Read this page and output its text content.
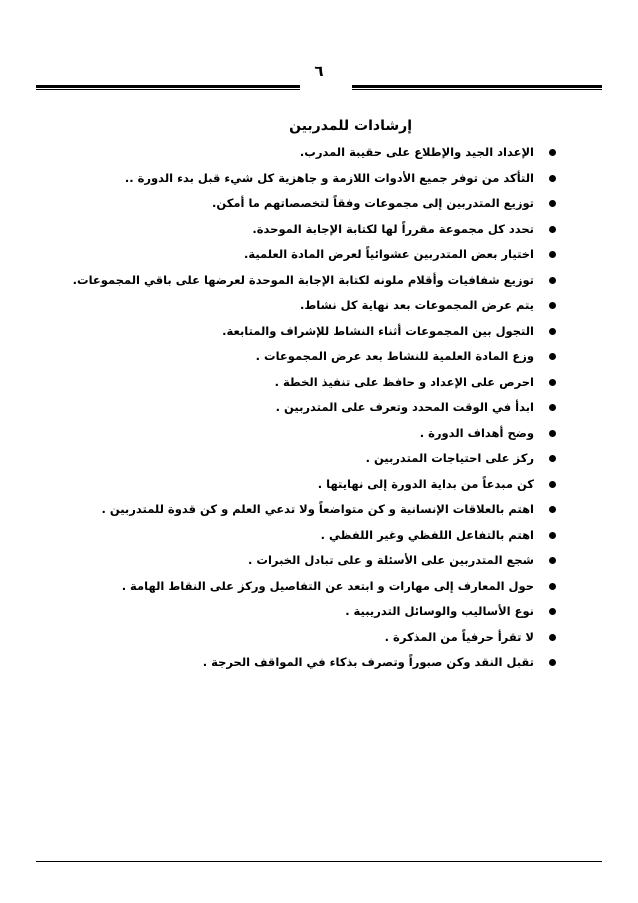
٦
إرشادات للمدربين
الإعداد الجيد والإطلاع على حقيبة المدرب.
التأكد من توفر جميع الأدوات اللازمة و جاهزية كل شيء قبل بدء الدورة ..
توزيع المتدربين إلى مجموعات وفقاً لتخصصاتهم ما أمكن.
تحدد كل مجموعة مقرراً لها لكتابة الإجابة الموحدة.
اختيار بعض المتدربين عشوائياً لعرض المادة العلمية.
توزيع شفافيات وأقلام ملونه لكتابة الإجابة الموحدة لعرضها على باقي المجموعات.
يتم عرض المجموعات بعد نهاية كل نشاط.
التجول بين المجموعات أثناء النشاط للإشراف والمتابعة.
وزع المادة العلمية للنشاط بعد عرض المجموعات .
احرص على الإعداد و حافظ على تنفيذ الخطة .
ابدأ في الوقت المحدد وتعرف على المتدربين .
وضح أهداف الدورة .
ركز على احتياجات المتدربين .
كن مبدعاً من بداية الدورة إلى نهايتها .
اهتم بالعلاقات الإنسانية و كن متواضعاً ولا تدعي العلم و كن قدوة للمتدربين .
اهتم بالتفاعل اللفظي وغير اللفظي .
شجع المتدربين على الأسئلة و على تبادل الخبرات .
حول المعارف إلى مهارات و ابتعد عن التفاصيل وركز على النقاط الهامة .
نوع الأساليب والوسائل التدريبية .
لا تقرأ حرفياً من المذكرة .
تقبل النقد وكن صبوراً وتصرف بذكاء في المواقف الحرجة .
